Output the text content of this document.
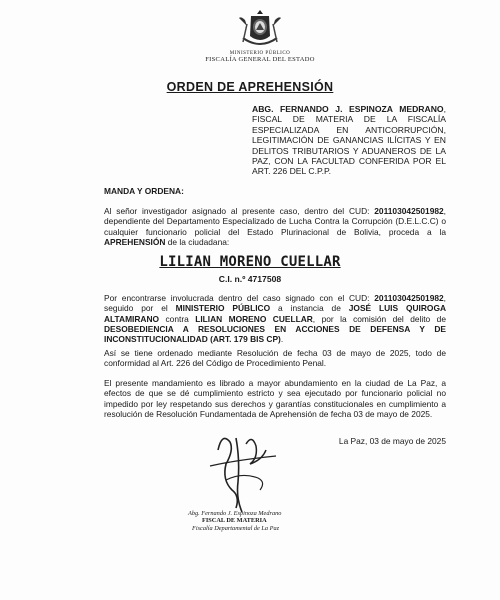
MINISTERIO PÚBLICO
FISCALÍA GENERAL DEL ESTADO
ORDEN DE APREHENSIÓN
ABG. FERNANDO J. ESPINOZA MEDRANO, FISCAL DE MATERIA DE LA FISCALÍA ESPECIALIZADA EN ANTICORRUPCIÓN, LEGITIMACIÓN DE GANANCIAS ILÍCITAS Y EN DELITOS TRIBUTARIOS Y ADUANEROS DE LA PAZ, CON LA FACULTAD CONFERIDA POR EL ART. 226 DEL C.P.P.
MANDA Y ORDENA:
Al señor investigador asignado al presente caso, dentro del CUD: 201103042501982, dependiente del Departamento Especializado de Lucha Contra la Corrupción (D.E.L.C.C) o cualquier funcionario policial del Estado Plurinacional de Bolivia, proceda a la APREHENSIÓN de la ciudadana:
LILIAN MORENO CUELLAR
C.I. n.º 4717508
Por encontrarse involucrada dentro del caso signado con el CUD: 201103042501982, seguido por el MINISTERIO PÚBLICO a instancia de JOSÉ LUIS QUIROGA ALTAMIRANO contra LILIAN MORENO CUELLAR, por la comisión del delito de DESOBEDIENCIA A RESOLUCIONES EN ACCIONES DE DEFENSA Y DE INCONSTITUCIONALIDAD (ART. 179 BIS CP).
Así se tiene ordenado mediante Resolución de fecha 03 de mayo de 2025, todo de conformidad al Art. 226 del Código de Procedimiento Penal.
El presente mandamiento es librado a mayor abundamiento en la ciudad de La Paz, a efectos de que se dé cumplimiento estricto y sea ejecutado por funcionario policial no impedido por ley respetando sus derechos y garantías constitucionales en cumplimiento a resolución de Resolución Fundamentada de Aprehensión de fecha 03 de mayo de 2025.
La Paz, 03 de mayo de 2025
Abg. Fernando J. Espinoza Medrano
FISCAL DE MATERIA
Fiscalía Departamental de La Paz
